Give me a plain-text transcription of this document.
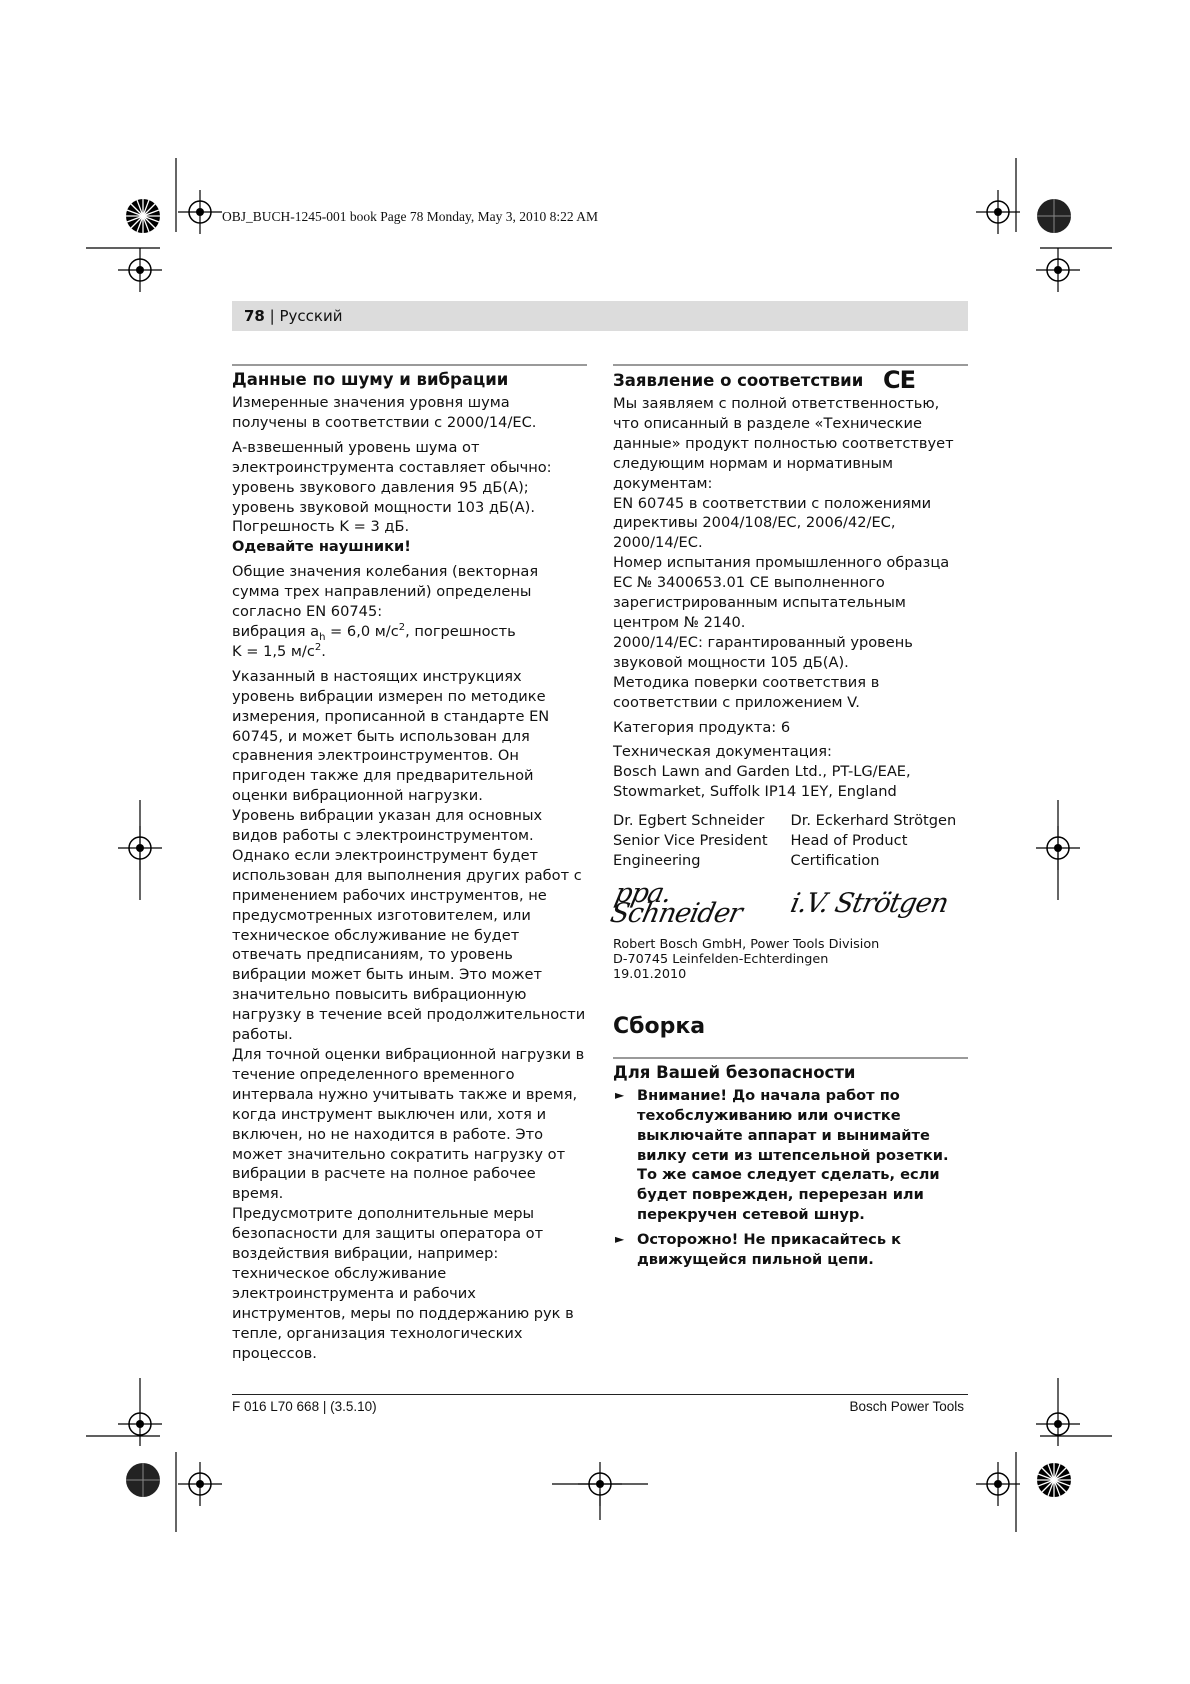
OBJ_BUCH-1245-001 book Page 78 Monday, May 3, 2010 8:22 AM
78 | Русский
Данные по шуму и вибрации

Измеренные значения уровня шума получены в соответствии с 2000/14/EC.

А-взвешенный уровень шума от электроинструмента составляет обычно:

уровень звукового давления 95 дБ(A);

уровень звуковой мощности 103 дБ(A).

Погрешность K = 3 дБ.

Одевайте наушники!

Общие значения колебания (векторная сумма трех направлений) определены согласно EN 60745:

вибрация $a_h = 6,0$ $м/с^2$, погрешность

K = 1,5 $м/с^2$.

Указанный в настоящих инструкциях уровень вибрации измерен по методике измерения, прописанной в стандарте EN 60745, и может быть использован для сравнения электроинструментов. Он пригоден также для предварительной оценки вибрационной нагрузки.

Уровень вибрации указан для основных видов работы с электроинструментом. Однако если электроинструмент будет использован для выполнения других работ с применением рабочих инструментов, не предусмотренных изготовителем, или техническое обслуживание не будет отвечать предписаниям, то уровень вибрации может быть иным. Это может значительно повысить вибрационную нагрузку в течение всей продолжительности работы.

Для точной оценки вибрационной нагрузки в течение определенного временного интервала нужно учитывать также и время, когда инструмент выключен или, хотя и включен, но не находится в работе. Это может значительно сократить нагрузку от вибрации в расчете на полное рабочее время.

Предусмотрите дополнительные меры безопасности для защиты оператора от воздействия вибрации, например: техническое обслуживание электроинструмента и рабочих инструментов, меры по поддержанию рук в тепле, организация технологических процессов.

Заявление о соответствии CE

Мы заявляем с полной ответственностью, что описанный в разделе «Технические данные» продукт полностью соответствует следующим нормам и нормативным документам:

EN 60745 в соответствии с положениями директивы 2004/108/EC, 2006/42/EC, 2000/14/EC.

Номер испытания промышленного образца EC № 3400653.01 CE выполненного зарегистрированным испытательным центром № 2140.

2000/14/EC: гарантированный уровень звуковой мощности 105 дБ(A).

Методика поверки соответствия в соответствии с приложением V.

Категория продукта: 6

Техническая документация:

Bosch Lawn and Garden Ltd., PT-LG/EAE,

Stowmarket, Suffolk IP14 1EY, England

Dr. Egbert Schneider

Senior Vice President

Engineering

Dr. Eckerhard Strötgen

Head of Product

Certification

ppa. Schneider	i.V. Strötgen

Robert Bosch GmbH, Power Tools Division

D-70745 Leinfelden-Echterdingen

19.01.2010

Сборка
Для Вашей безопасности

► Внимание! До начала работ по техобслуживанию или очистке выключайте аппарат и вынимайте вилку сети из штепсельной розетки. То же самое следует сделать, если будет поврежден, перерезан или перекручен сетевой шнур.

► Осторожно! Не прикасайтесь к движущейся пильной цепи.

F 016 L70 668 | (3.5.10)	Bosch Power Tools
